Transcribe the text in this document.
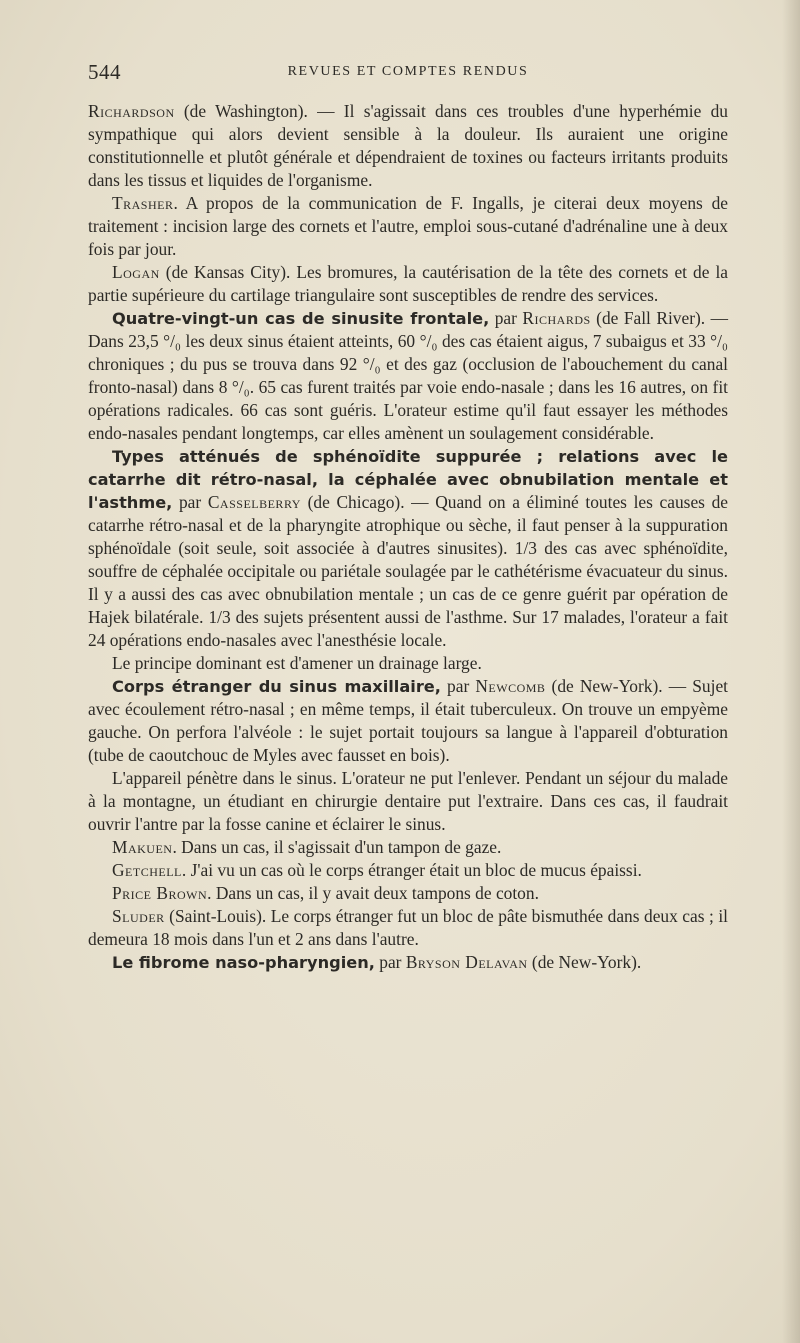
544	REVUES ET COMPTES RENDUS

Richardson (de Washington). — Il s'agissait dans ces troubles d'une hyperhémie du sympathique qui alors devient sensible à la douleur. Ils auraient une origine constitutionnelle et plutôt générale et dépendraient de toxines ou facteurs irritants produits dans les tissus et liquides de l'organisme.

Trasher. A propos de la communication de F. Ingalls, je citerai deux moyens de traitement : incision large des cornets et l'autre, emploi sous-cutané d'adrénaline une à deux fois par jour.

Logan (de Kansas City). Les bromures, la cautérisation de la tête des cornets et de la partie supérieure du cartilage triangulaire sont susceptibles de rendre des services.

Quatre-vingt-un cas de sinusite frontale, par Richards (de Fall River). — Dans 23,5 °/₀ les deux sinus étaient atteints, 60 °/₀ des cas étaient aigus, 7 subaigus et 33 °/₀ chroniques ; du pus se trouva dans 92 °/₀ et des gaz (occlusion de l'abouchement du canal fronto-nasal) dans 8 °/₀. 65 cas furent traités par voie endo-nasale ; dans les 16 autres, on fit opérations radicales. 66 cas sont guéris. L'orateur estime qu'il faut essayer les méthodes endo-nasales pendant longtemps, car elles amènent un soulagement considérable.

Types atténués de sphénoïdite suppurée ; relations avec le catarrhe dit rétro-nasal, la céphalée avec obnubilation mentale et l'asthme, par Casselberry (de Chicago). — Quand on a éliminé toutes les causes de catarrhe rétro-nasal et de la pharyngite atrophique ou sèche, il faut penser à la suppuration sphénoïdale (soit seule, soit associée à d'autres sinusites). 1/3 des cas avec sphénoïdite, souffre de céphalée occipitale ou pariétale soulagée par le cathétérisme évacuateur du sinus. Il y a aussi des cas avec obnubilation mentale ; un cas de ce genre guérit par opération de Hajek bilatérale. 1/3 des sujets présentent aussi de l'asthme. Sur 17 malades, l'orateur a fait 24 opérations endo-nasales avec l'anesthésie locale.

Le principe dominant est d'amener un drainage large.

Corps étranger du sinus maxillaire, par Newcomb (de New-York). — Sujet avec écoulement rétro-nasal ; en même temps, il était tuberculeux. On trouve un empyème gauche. On perfora l'alvéole : le sujet portait toujours sa langue à l'appareil d'obturation (tube de caoutchouc de Myles avec fausset en bois).

L'appareil pénètre dans le sinus. L'orateur ne put l'enlever. Pendant un séjour du malade à la montagne, un étudiant en chirurgie dentaire put l'extraire. Dans ces cas, il faudrait ouvrir l'antre par la fosse canine et éclairer le sinus.

Makuen. Dans un cas, il s'agissait d'un tampon de gaze.

Getchell. J'ai vu un cas où le corps étranger était un bloc de mucus épaissi.

Price Brown. Dans un cas, il y avait deux tampons de coton.

Sluder (Saint-Louis). Le corps étranger fut un bloc de pâte bismuthée dans deux cas ; il demeura 18 mois dans l'un et 2 ans dans l'autre.

Le fibrome naso-pharyngien, par Bryson Delavan (de New-York).
